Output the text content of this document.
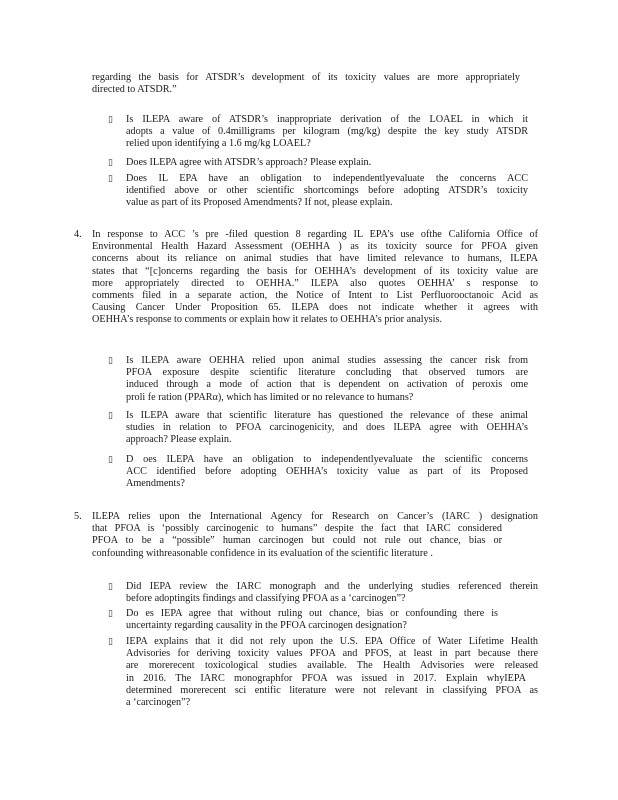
regarding the basis for ATSDR’s development of its toxicity values are more appropriately
directed to ATSDR.”
▯ Is ILEPA aware of ATSDR’s inappropriate derivation of the LOAEL in which it
adopts a value of 0.4milligrams per kilogram (mg/kg) despite the key study ATSDR
relied upon identifying a 1.6 mg/kg LOAEL?
▯ Does ILEPA agree with ATSDR’s approach? Please explain.
▯ Does IL EPA have an obligation to independentlyevaluate the concerns ACC
identified above or other scientific shortcomings before adopting ATSDR’s toxicity
value as part of its Proposed Amendments? If not, please explain.
4. In response to ACC ’s pre -filed question 8 regarding IL EPA’s use ofthe California Office of
Environmental Health Hazard Assessment (OEHHA ) as its toxicity source for PFOA given
concerns about its reliance on animal studies that have limited relevance to humans, ILEPA
states that “[c]oncerns regarding the basis for OEHHA’s development of its toxicity value are
more appropriately directed to OEHHA.” ILEPA also quotes OEHHA’ s response to
comments filed in a separate action, the Notice of Intent to List Perfluorooctanoic Acid as
Causing Cancer Under Proposition 65. ILEPA does not indicate whether it agrees with
OEHHA’s response to comments or explain how it relates to OEHHA’s prior analysis.
▯ Is ILEPA aware OEHHA relied upon animal studies assessing the cancer risk from
PFOA exposure despite scientific literature concluding that observed tumors are
induced through a mode of action that is dependent on activation of peroxis ome
proli fe ration (PPARα), which has limited or no relevance to humans?
▯ Is ILEPA aware that scientific literature has questioned the relevance of these animal
studies in relation to PFOA carcinogenicity, and does ILEPA agree with OEHHA’s
approach? Please explain.
▯ D oes ILEPA have an obligation to independentlyevaluate the scientific concerns
ACC identified before adopting OEHHA’s toxicity value as part of its Proposed
Amendments?
5. ILEPA relies upon the International Agency for Research on Cancer’s (IARC ) designation
that PFOA is ‘possibly carcinogenic to humans” despite the fact that IARC considered
PFOA to be a “possible” human carcinogen but could not rule out chance, bias or
confounding withreasonable confidence in its evaluation of the scientific literature .
▯ Did IEPA review the IARC monograph and the underlying studies referenced therein
before adoptingits findings and classifying PFOA as a ‘carcinogen”?
▯ Do es IEPA agree that without ruling out chance, bias or confounding there is
uncertainty regarding causality in the PFOA carcinogen designation?
▯ IEPA explains that it did not rely upon the U.S. EPA Office of Water Lifetime Health
Advisories for deriving toxicity values PFOA and PFOS, at least in part because there
are morerecent toxicological studies available. The Health Advisories were released
in 2016. The IARC monographfor PFOA was issued in 2017. Explain whyIEPA
determined morerecent sci entific literature were not relevant in classifying PFOA as
a ‘carcinogen”?
